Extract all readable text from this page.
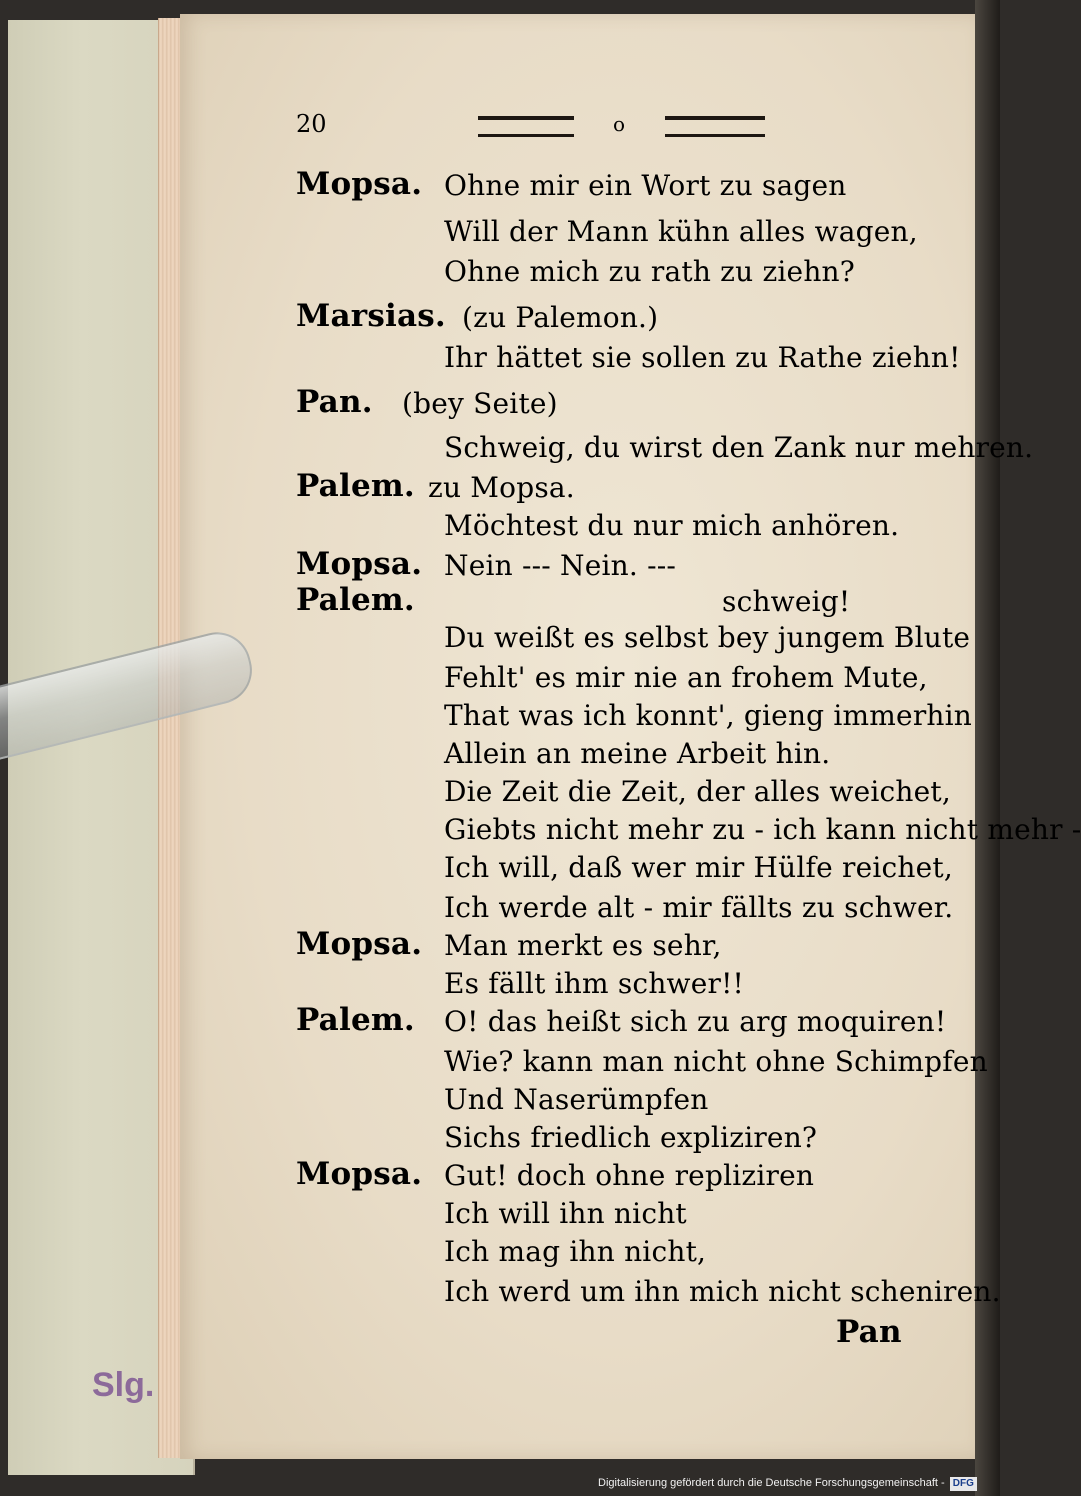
20	o
Mopsa. Ohne mir ein Wort zu sagen
Will der Mann kühn alles wagen,
Ohne mich zu rath zu ziehn?
Marsias. (zu Palemon.)
Ihr hättet sie sollen zu Rathe ziehn!
Pan. (bey Seite)
Schweig, du wirst den Zank nur mehren.
Palem. zu Mopsa.
Möchtest du nur mich anhören.
Mopsa. Nein --- Nein. ---
Palem.	schweig!
Du weißt es selbst bey jungem Blute
Fehlt' es mir nie an frohem Mute,
That was ich konnt', gieng immerhin
Allein an meine Arbeit hin.
Die Zeit die Zeit, der alles weichet,
Giebts nicht mehr zu - ich kann nicht mehr -
Ich will, daß wer mir Hülfe reichet,
Ich werde alt - mir fällts zu schwer.
Mopsa. Man merkt es sehr,
Es fällt ihm schwer!!
Palem. O! das heißt sich zu arg moquiren!
Wie? kann man nicht ohne Schimpfen
Und Naserümpfen
Sichs friedlich expliziren?
Mopsa. Gut! doch ohne repliziren
Ich will ihn nicht
Ich mag ihn nicht,
Ich werd um ihn mich nicht scheniren.
Pan
Slg.
Digitalisierung gefördert durch die Deutsche Forschungsgemeinschaft - DFG
